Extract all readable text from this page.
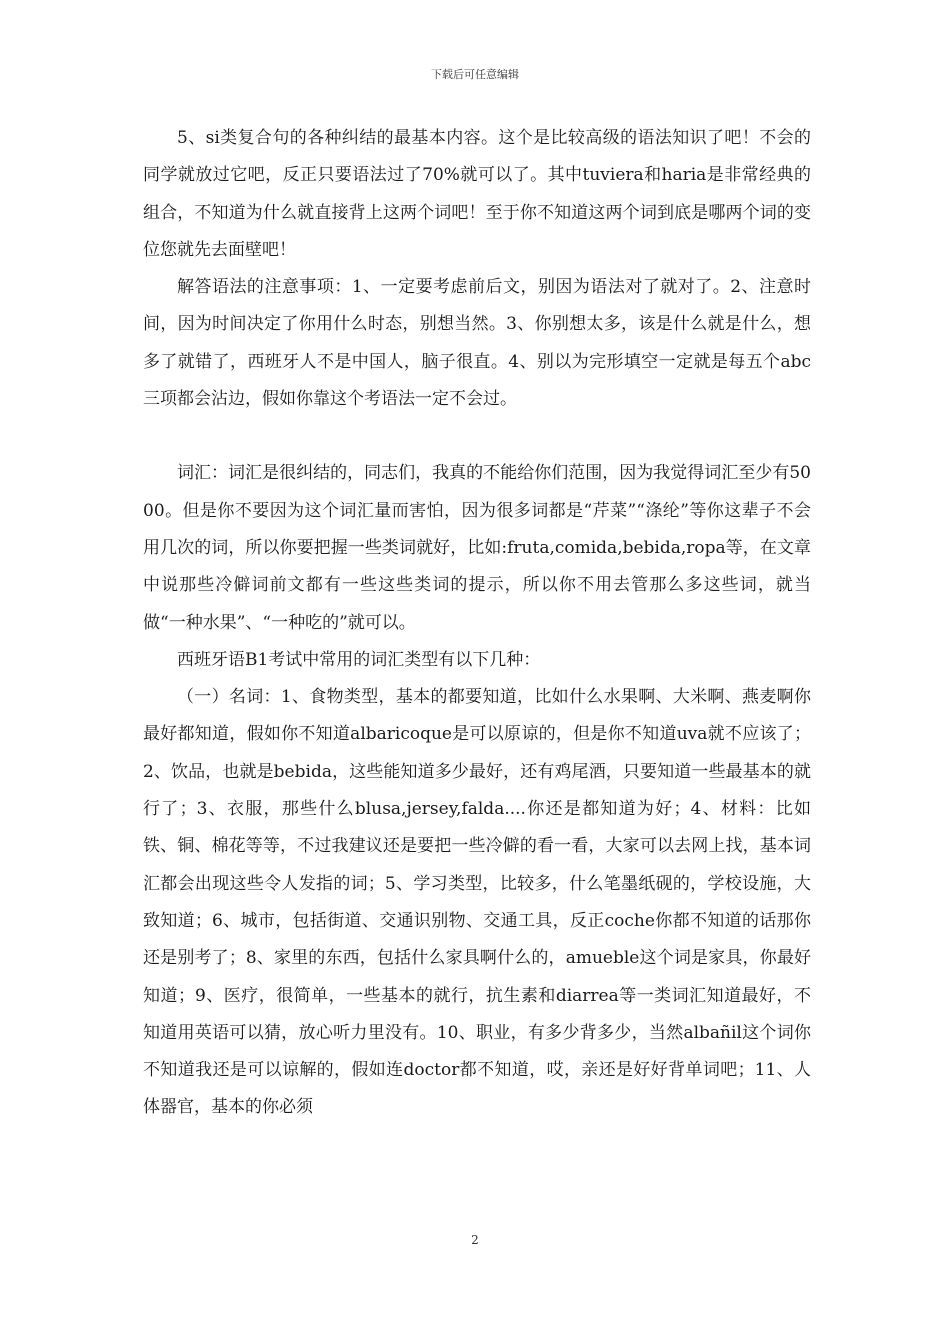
下载后可任意编辑

5、si类复合句的各种纠结的最基本内容。这个是比较高级的语法知识了吧！不会的同学就放过它吧，反正只要语法过了70%就可以了。其中tuviera和haria是非常经典的组合，不知道为什么就直接背上这两个词吧！至于你不知道这两个词到底是哪两个词的变位您就先去面壁吧！

解答语法的注意事项：1、一定要考虑前后文，别因为语法对了就对了。2、注意时间，因为时间决定了你用什么时态，别想当然。3、你别想太多，该是什么就是什么，想多了就错了，西班牙人不是中国人，脑子很直。4、别以为完形填空一定就是每五个abc三项都会沾边，假如你靠这个考语法一定不会过。

词汇：词汇是很纠结的，同志们，我真的不能给你们范围，因为我觉得词汇至少有5000。但是你不要因为这个词汇量而害怕，因为很多词都是“芹菜”“涤纶”等你这辈子不会用几次的词，所以你要把握一些类词就好，比如:fruta,comida,bebida,ropa等，在文章中说那些冷僻词前文都有一些这些类词的提示，所以你不用去管那么多这些词，就当做“一种水果”、“一种吃的”就可以。

西班牙语B1考试中常用的词汇类型有以下几种：

（一）名词：1、食物类型，基本的都要知道，比如什么水果啊、大米啊、燕麦啊你最好都知道，假如你不知道albaricoque是可以原谅的，但是你不知道uva就不应该了；2、饮品，也就是bebida，这些能知道多少最好，还有鸡尾酒，只要知道一些最基本的就行了；3、衣服，那些什么blusa,jersey,falda....你还是都知道为好；4、材料：比如铁、铜、棉花等等，不过我建议还是要把一些冷僻的看一看，大家可以去网上找，基本词汇都会出现这些令人发指的词；5、学习类型，比较多，什么笔墨纸砚的，学校设施，大致知道；6、城市，包括街道、交通识别物、交通工具，反正coche你都不知道的话那你还是别考了；8、家里的东西，包括什么家具啊什么的，amueble这个词是家具，你最好知道；9、医疗，很简单，一些基本的就行，抗生素和diarrea等一类词汇知道最好，不知道用英语可以猜，放心听力里没有。10、职业，有多少背多少，当然albañil这个词你不知道我还是可以谅解的，假如连doctor都不知道，哎，亲还是好好背单词吧；11、人体器官，基本的你必须

2
